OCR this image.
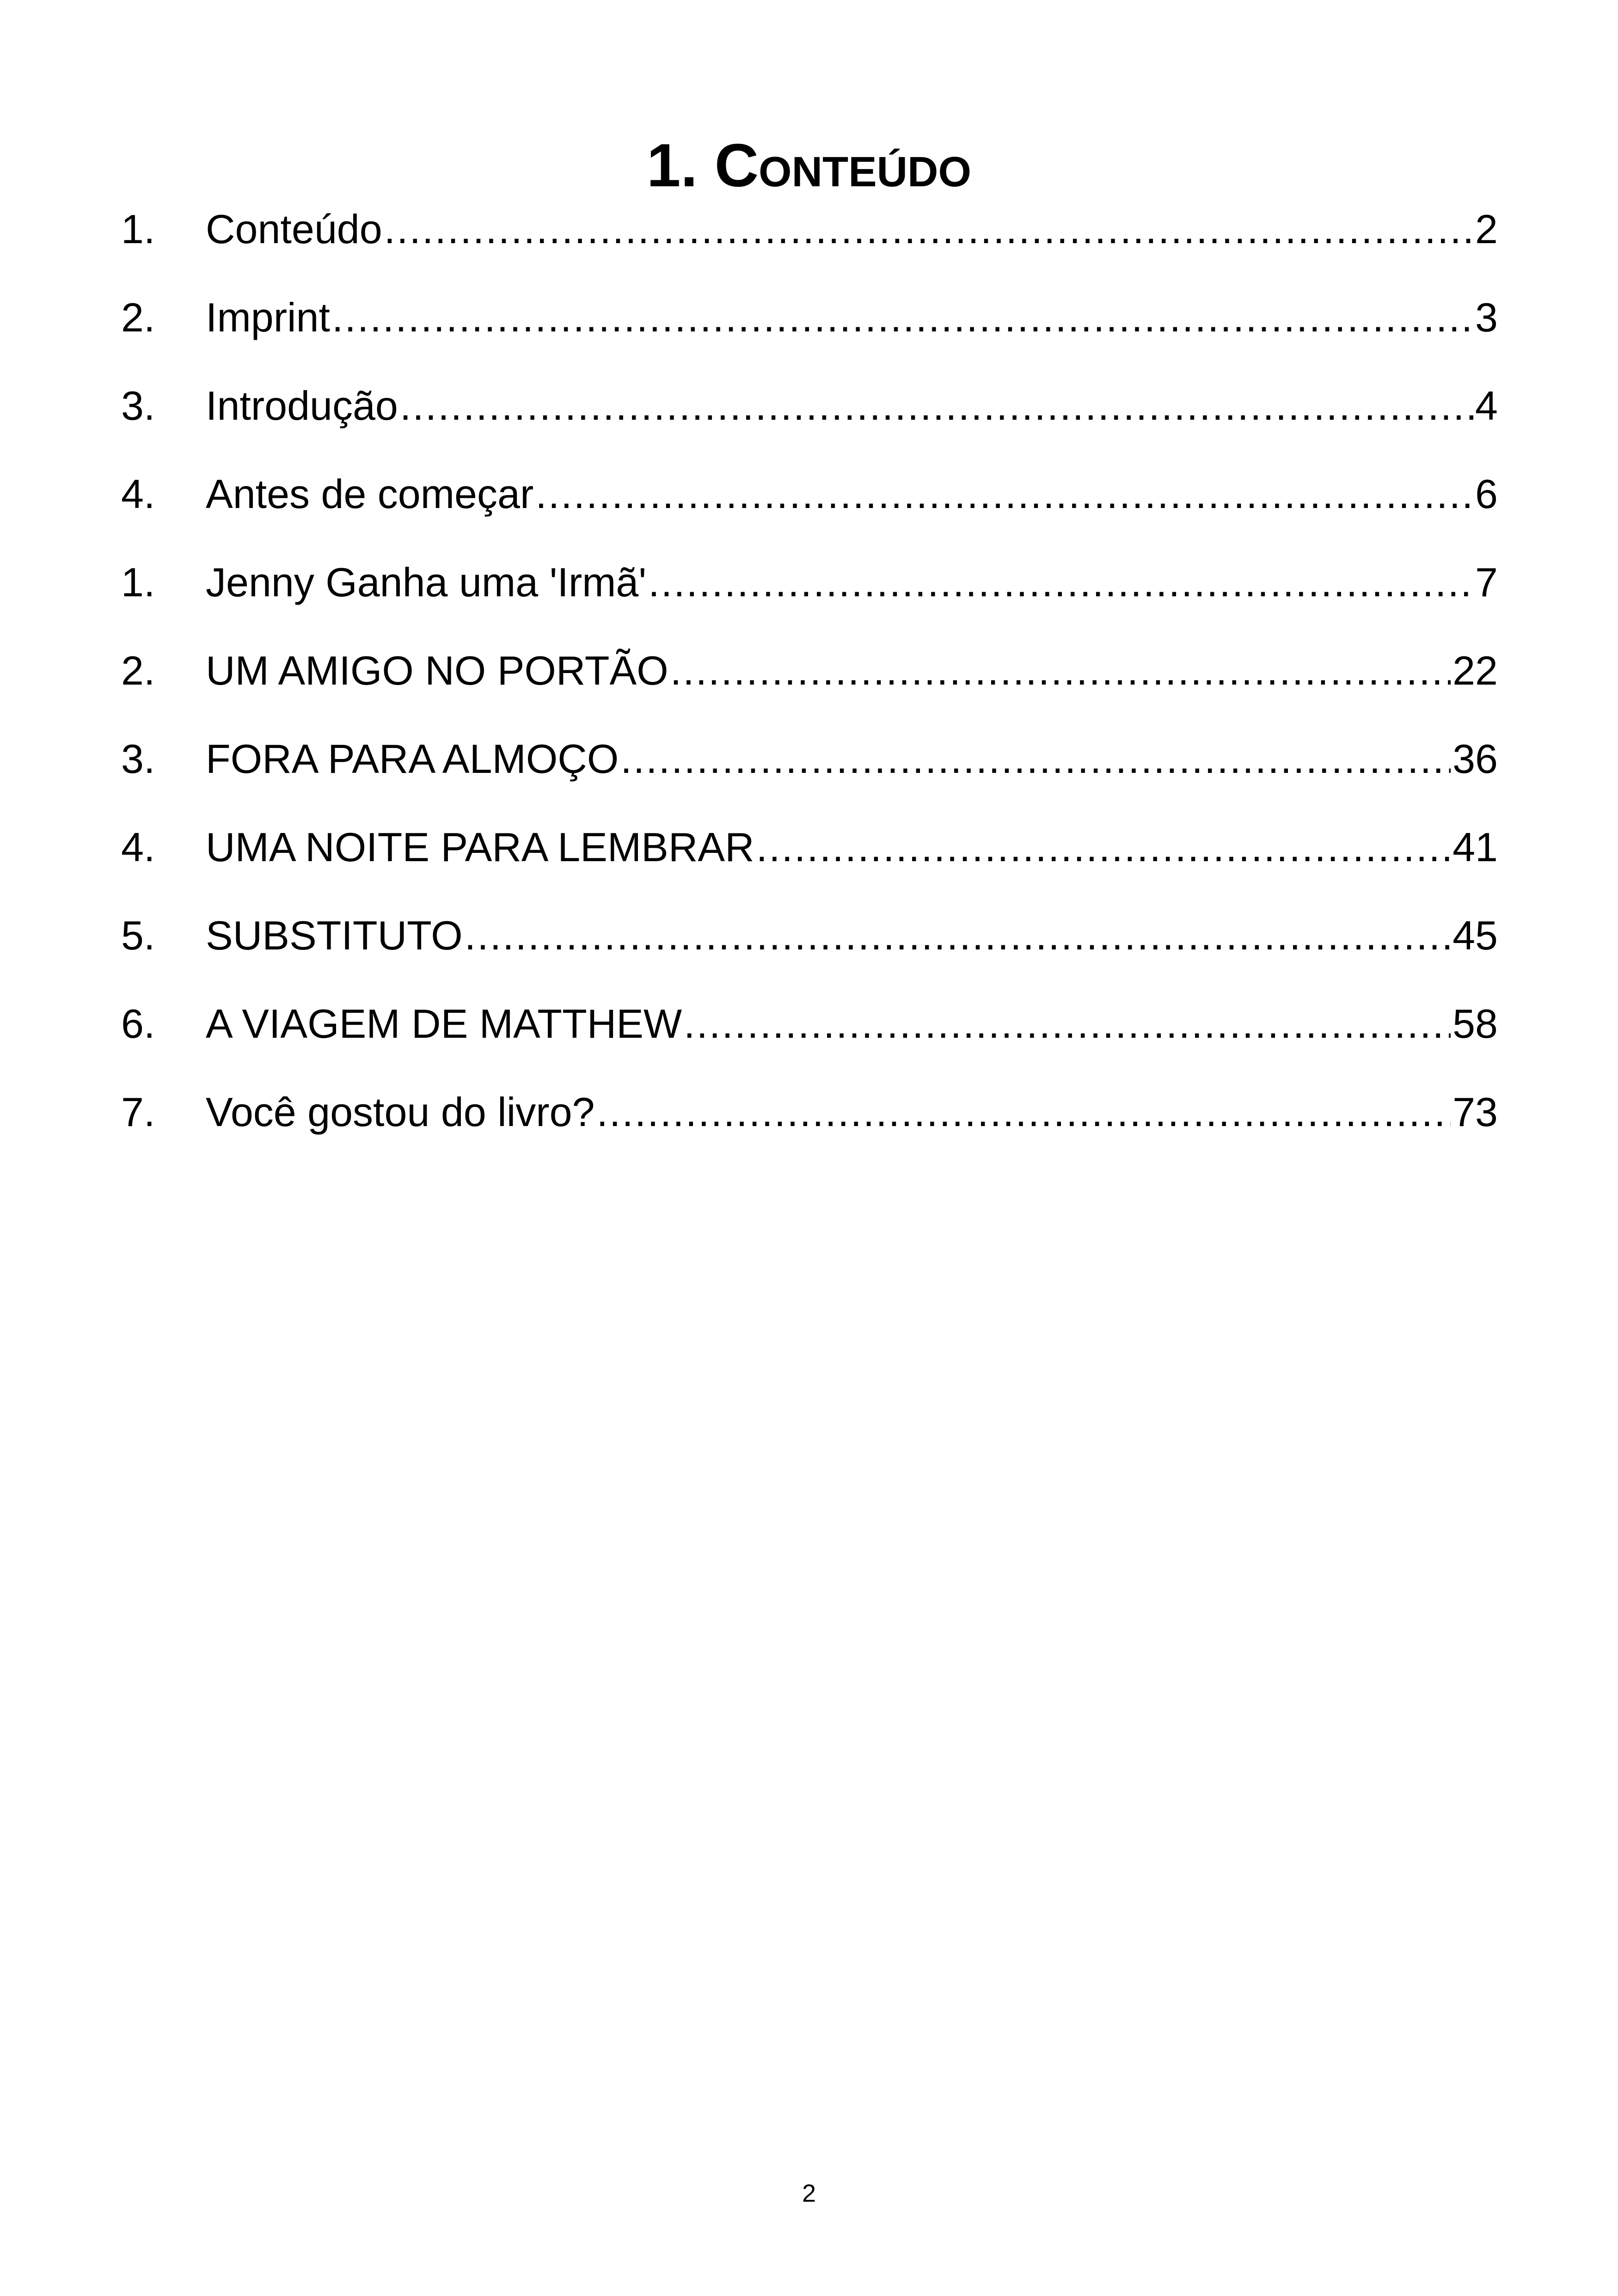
1. Conteúdo
1.	Conteúdo .....	2
2.	Imprint .....	3
3.	Introdução .....	4
4.	Antes de começar .....	6
1.	Jenny Ganha uma 'Irmã' .....	7
2.	UM AMIGO NO PORTÃO .....	22
3.	FORA PARA ALMOÇO .....	36
4.	UMA NOITE PARA LEMBRAR .....	41
5.	SUBSTITUTO .....	45
6.	A VIAGEM DE MATTHEW .....	58
7.	Você gostou do livro? .....	73
2
